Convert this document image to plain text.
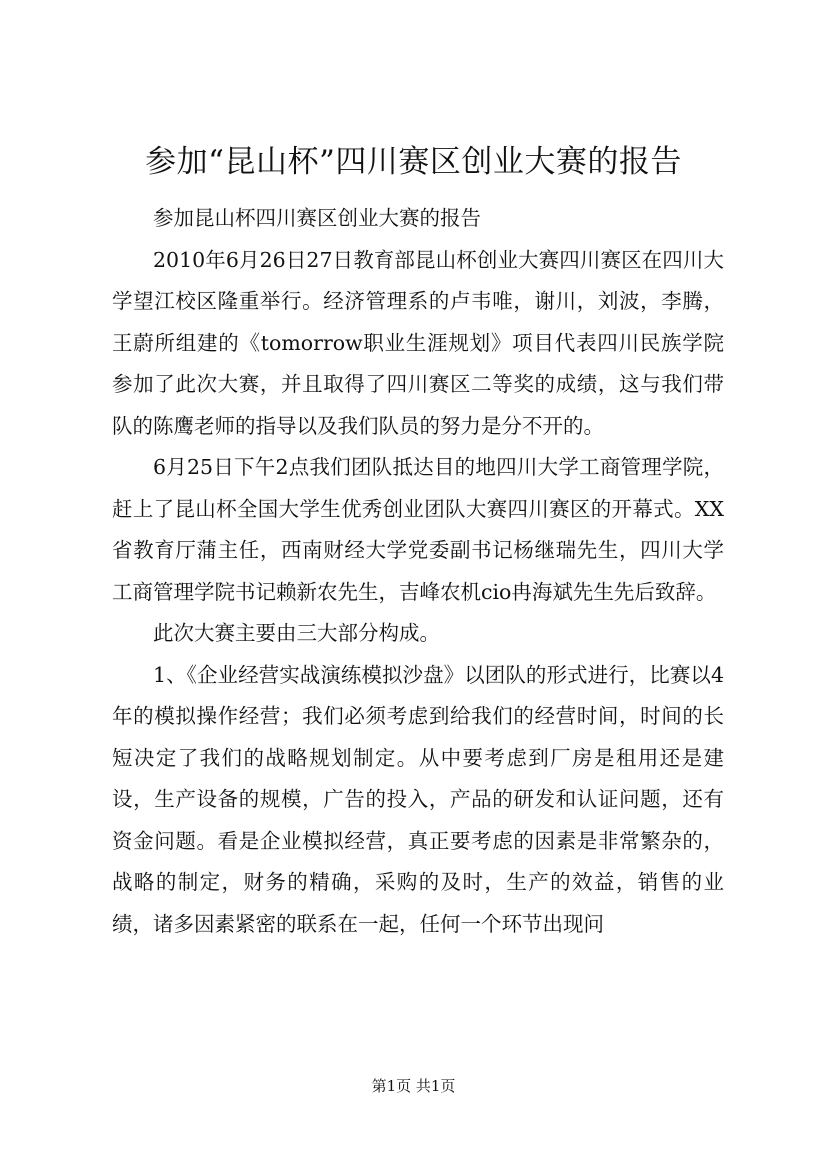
参加“昆山杯”四川赛区创业大赛的报告

参加昆山杯四川赛区创业大赛的报告

2010年6月26日27日教育部昆山杯创业大赛四川赛区在四川大学望江校区隆重举行。经济管理系的卢韦唯，谢川，刘波，李腾，王蔚所组建的《tomorrow职业生涯规划》项目代表四川民族学院参加了此次大赛，并且取得了四川赛区二等奖的成绩，这与我们带队的陈鹰老师的指导以及我们队员的努力是分不开的。

6月25日下午2点我们团队抵达目的地四川大学工商管理学院，赶上了昆山杯全国大学生优秀创业团队大赛四川赛区的开幕式。XX省教育厅蒲主任，西南财经大学党委副书记杨继瑞先生，四川大学工商管理学院书记赖新农先生，吉峰农机cio冉海斌先生先后致辞。

此次大赛主要由三大部分构成。

1、《企业经营实战演练模拟沙盘》以团队的形式进行，比赛以4年的模拟操作经营；我们必须考虑到给我们的经营时间，时间的长短决定了我们的战略规划制定。从中要考虑到厂房是租用还是建设，生产设备的规模，广告的投入，产品的研发和认证问题，还有资金问题。看是企业模拟经营，真正要考虑的因素是非常繁杂的，战略的制定，财务的精确，采购的及时，生产的效益，销售的业绩，诸多因素紧密的联系在一起，任何一个环节出现问

第1页 共1页
